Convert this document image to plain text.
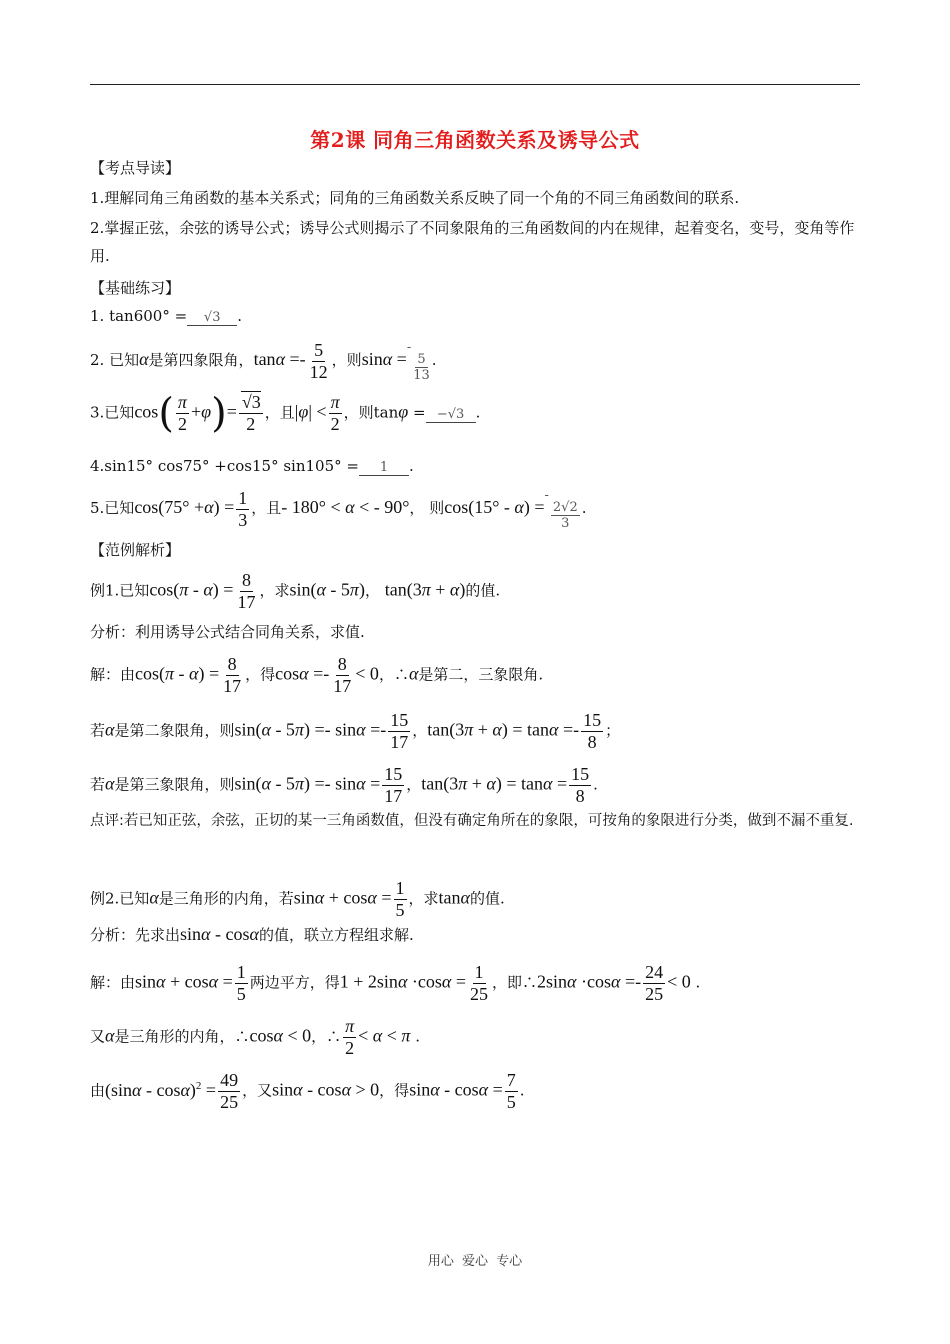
第2课 同角三角函数关系及诱导公式
【考点导读】
1.理解同角三角函数的基本关系式；同角的三角函数关系反映了同一个角的不同三角函数间的联系.
2.掌握正弦，余弦的诱导公式；诱导公式则揭示了不同象限角的三角函数间的内在规律，起着变名，变号，变角等作用.
【基础练习】
1. tan600° = √3 .
2. 已知α是第四象限角，$\tan\alpha =- \frac{5}{12}$ ，则sinα =-
$\frac{5}{13}$ .
3.已知$\cos( \frac{\pi}{2} +\varphi)= \frac{√3}{2}$ ，且$|\varphi| < \frac{\pi}{2}$ ，则tanφ = −√3 .
4.sin15° cos75° +cos15° sin105° = 1 .
5.已知$\cos(75^\circ +\alpha) = \frac{1}{3}$ ，且- 180° < α < - 90°， 则cos(15° - α) =-
$\frac{2√2}{3}$ .
【范例解析】
例1.已知$\cos(\pi - \alpha) = \frac{8}{17}$ ，求sin(α - 5π)， tan(3π + α)的值.
分析：利用诱导公式结合同角关系，求值.
解：由$\cos(\pi - \alpha) = \frac{8}{17}$ ，得$\cos\alpha =- \frac{8}{17} < 0$，∴α是第二，三象限角.
若α是第二象限角，则$\sin(\alpha - 5\pi) =- \sin\alpha =- \frac{15}{17}$ ，$\tan(3\pi + \alpha) = \tan\alpha =- \frac{15}{8}$ ；
若α是第三象限角，则$\sin(\alpha - 5\pi) =- \sin\alpha = \frac{15}{17}$ ，$\tan(3\pi + \alpha) = \tan\alpha = \frac{15}{8}$ .
点评:若已知正弦，余弦，正切的某一三角函数值，但没有确定角所在的象限，可按角的象限进行分类，做到不漏不重复.
例2.已知α是三角形的内角，若$\sin\alpha + \cos\alpha = \frac{1}{5}$ ，求tanα的值.
分析：先求出sinα - cosα的值，联立方程组求解.
解：由$\sin\alpha + \cos\alpha = \frac{1}{5}$ 两边平方，得$1 + 2\sin\alpha \cdot\cos\alpha = \frac{1}{25}$ ，即∴2sinα $\cdot\cos\alpha =- \frac{24}{25} < 0$ .
又α是三角形的内角，∴cosα < 0，∴ $\frac{\pi}{2} < \alpha < \pi$ .
由$(\sin\alpha - \cos\alpha)^2 = \frac{49}{25}$ ，又sinα - cosα > 0，得$\sin\alpha - \cos\alpha = \frac{7}{5}$ .
用心 爱心 专心
